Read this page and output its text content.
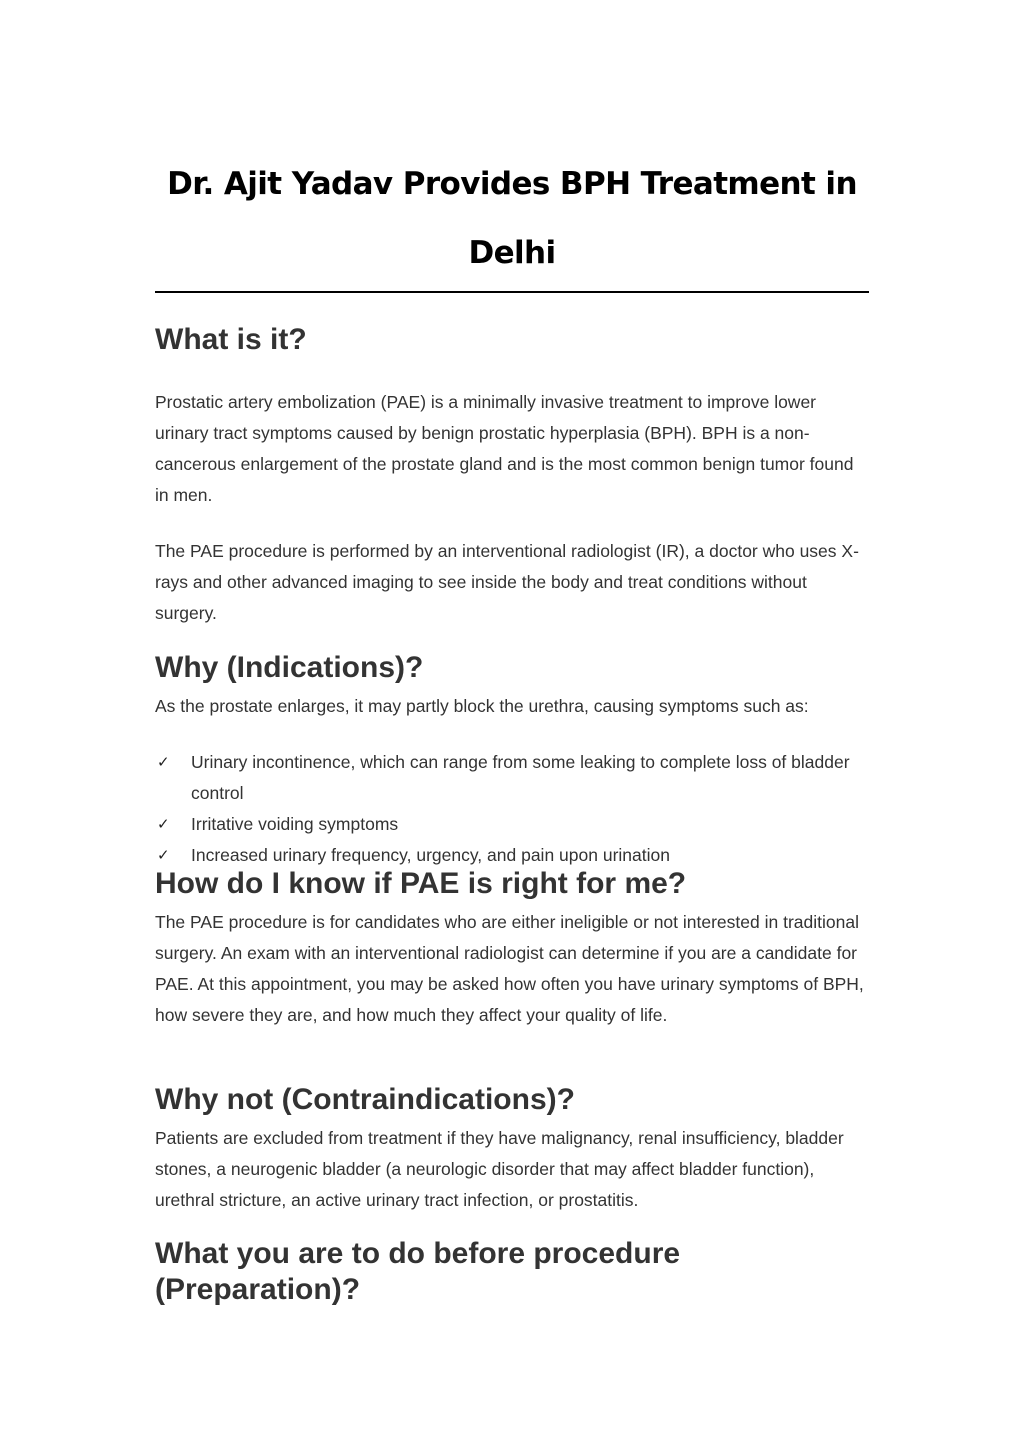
Dr. Ajit Yadav Provides BPH Treatment in Delhi
What is it?

Prostatic artery embolization (PAE) is a minimally invasive treatment to improve lower urinary tract symptoms caused by benign prostatic hyperplasia (BPH). BPH is a non-cancerous enlargement of the prostate gland and is the most common benign tumor found in men.

The PAE procedure is performed by an interventional radiologist (IR), a doctor who uses X-rays and other advanced imaging to see inside the body and treat conditions without surgery.

Why (Indications)?

As the prostate enlarges, it may partly block the urethra, causing symptoms such as:

✓ Urinary incontinence, which can range from some leaking to complete loss of bladder control
✓ Irritative voiding symptoms
✓ Increased urinary frequency, urgency, and pain upon urination
How do I know if PAE is right for me?

The PAE procedure is for candidates who are either ineligible or not interested in traditional surgery. An exam with an interventional radiologist can determine if you are a candidate for PAE. At this appointment, you may be asked how often you have urinary symptoms of BPH, how severe they are, and how much they affect your quality of life.

Why not (Contraindications)?

Patients are excluded from treatment if they have malignancy, renal insufficiency, bladder stones, a neurogenic bladder (a neurologic disorder that may affect bladder function), urethral stricture, an active urinary tract infection, or prostatitis.

What you are to do before procedure
(Preparation)?
